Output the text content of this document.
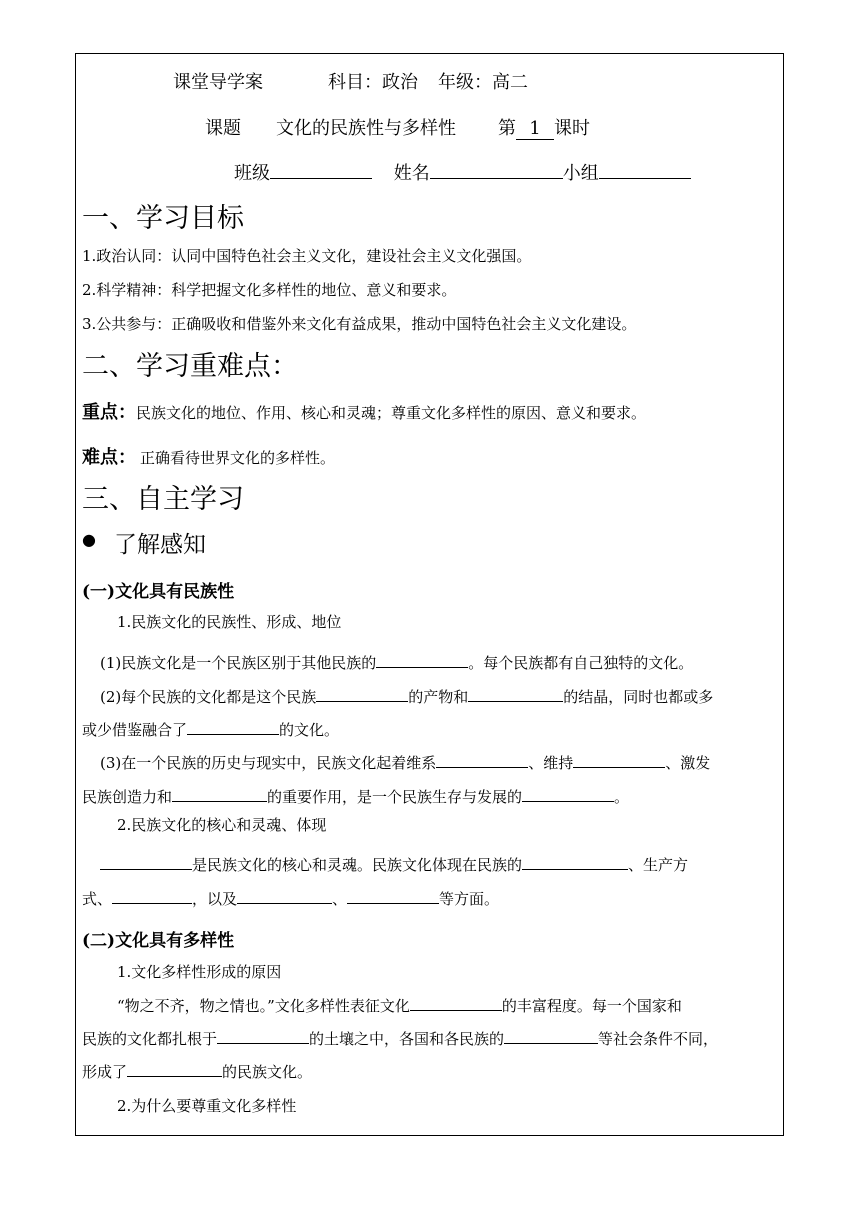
课堂导学案	科目：政治 年级：高二
课题 文化的民族性与多样性 第 1 课时
班级	姓名	小组
一、学习目标
1.政治认同：认同中国特色社会主义文化，建设社会主义文化强国。
2.科学精神：科学把握文化多样性的地位、意义和要求。
3.公共参与：正确吸收和借鉴外来文化有益成果，推动中国特色社会主义文化建设。
二、学习重难点：
重点：民族文化的地位、作用、核心和灵魂；尊重文化多样性的原因、意义和要求。
难点： 正确看待世界文化的多样性。
三、自主学习
● 了解感知
(一)文化具有民族性
1.民族文化的民族性、形成、地位
(1)民族文化是一个民族区别于其他民族的	。每个民族都有自己独特的文化。
(2)每个民族的文化都是这个民族	的产物和	的结晶，同时也都或多
或少借鉴融合了	的文化。
(3)在一个民族的历史与现实中，民族文化起着维系	、维持	、激发
民族创造力和	的重要作用，是一个民族生存与发展的	。
2.民族文化的核心和灵魂、体现
是民族文化的核心和灵魂。民族文化体现在民族的	、生产方
式、	，以及	、	等方面。
(二)文化具有多样性
1.文化多样性形成的原因
“物之不齐，物之情也。”文化多样性表征文化	的丰富程度。每一个国家和
民族的文化都扎根于	的土壤之中，各国和各民族的	等社会条件不同，
形成了	的民族文化。
2.为什么要尊重文化多样性
